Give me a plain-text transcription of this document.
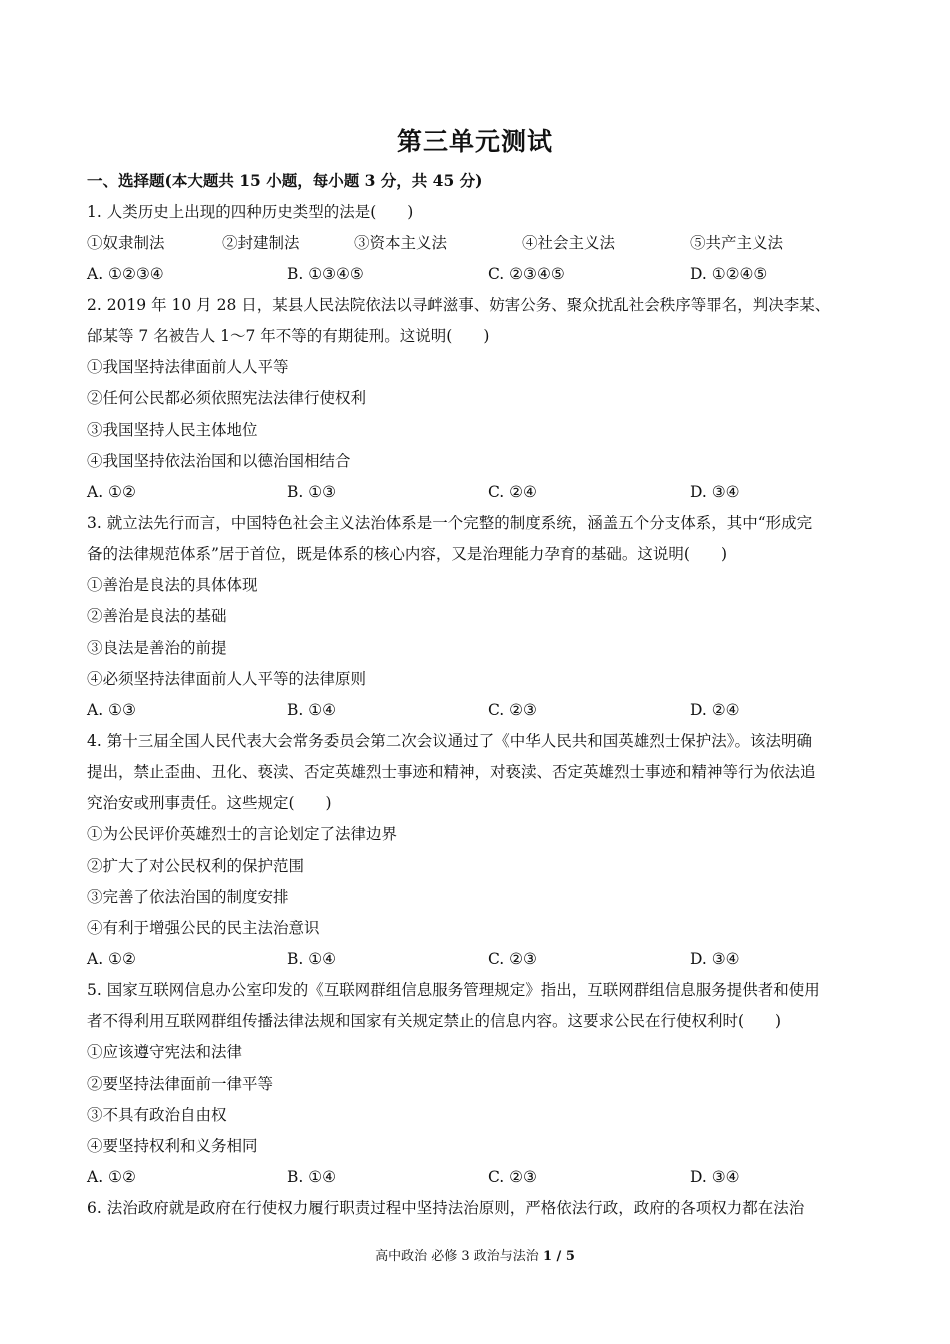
第三单元测试
一、选择题(本大题共 15 小题，每小题 3 分，共 45 分)
1. 人类历史上出现的四种历史类型的法是(　　)
①奴隶制法	②封建制法	③资本主义法	④社会主义法	⑤共产主义法
A. ①②③④	B. ①③④⑤	C. ②③④⑤	D. ①②④⑤
2. 2019 年 10 月 28 日，某县人民法院依法以寻衅滋事、妨害公务、聚众扰乱社会秩序等罪名，判决李某、
邰某等 7 名被告人 1～7 年不等的有期徒刑。这说明(　　)
①我国坚持法律面前人人平等
②任何公民都必须依照宪法法律行使权利
③我国坚持人民主体地位
④我国坚持依法治国和以德治国相结合
A. ①②	B. ①③	C. ②④	D. ③④
3. 就立法先行而言，中国特色社会主义法治体系是一个完整的制度系统，涵盖五个分支体系，其中“形成完
备的法律规范体系”居于首位，既是体系的核心内容，又是治理能力孕育的基础。这说明(　　)
①善治是良法的具体体现
②善治是良法的基础
③良法是善治的前提
④必须坚持法律面前人人平等的法律原则
A. ①③	B. ①④	C. ②③	D. ②④
4. 第十三届全国人民代表大会常务委员会第二次会议通过了《中华人民共和国英雄烈士保护法》。该法明确
提出，禁止歪曲、丑化、亵渎、否定英雄烈士事迹和精神，对亵渎、否定英雄烈士事迹和精神等行为依法追
究治安或刑事责任。这些规定(　　)
①为公民评价英雄烈士的言论划定了法律边界
②扩大了对公民权利的保护范围
③完善了依法治国的制度安排
④有利于增强公民的民主法治意识
A. ①②	B. ①④	C. ②③	D. ③④
5. 国家互联网信息办公室印发的《互联网群组信息服务管理规定》指出，互联网群组信息服务提供者和使用
者不得利用互联网群组传播法律法规和国家有关规定禁止的信息内容。这要求公民在行使权利时(　　)
①应该遵守宪法和法律
②要坚持法律面前一律平等
③不具有政治自由权
④要坚持权利和义务相同
A. ①②	B. ①④	C. ②③	D. ③④
6. 法治政府就是政府在行使权力履行职责过程中坚持法治原则，严格依法行政，政府的各项权力都在法治
高中政治 必修 3 政治与法治 1 / 5
